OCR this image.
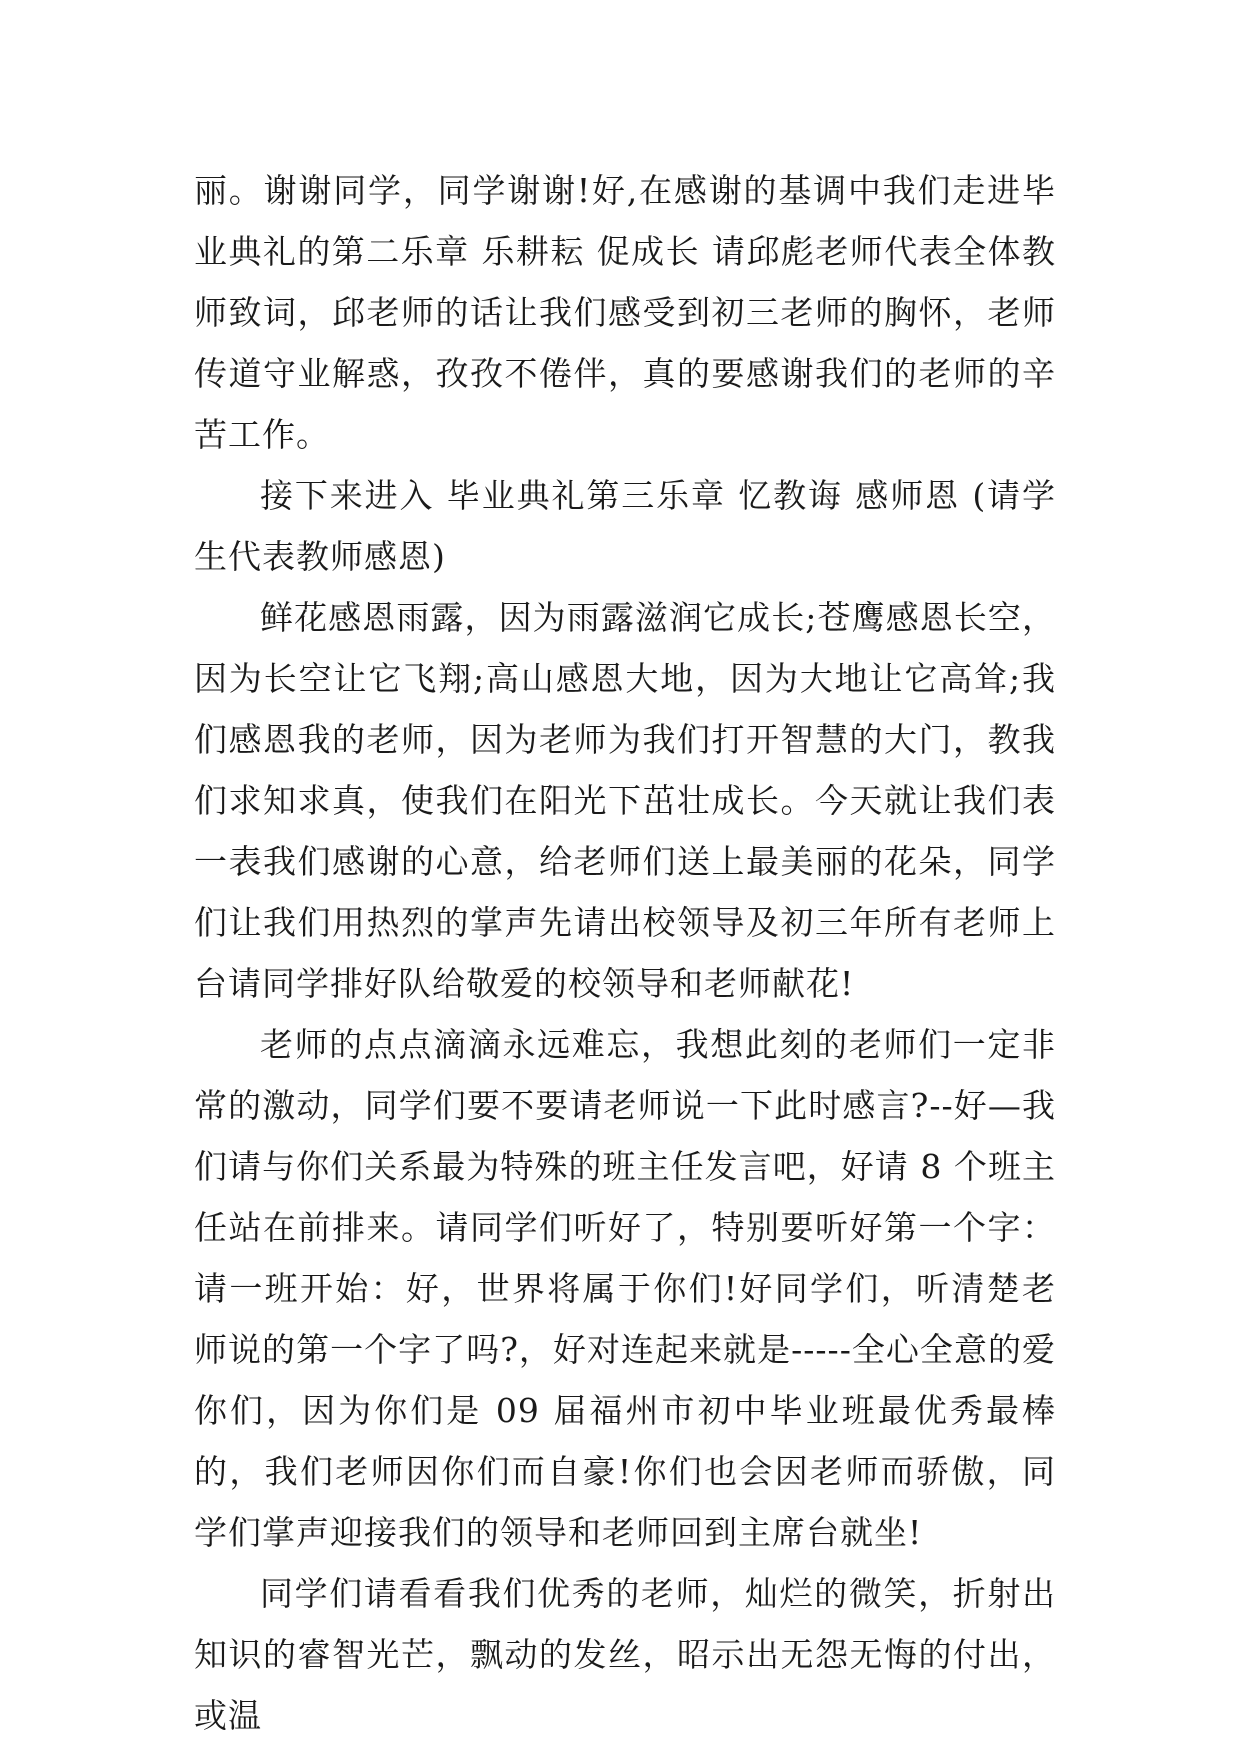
丽。谢谢同学，同学谢谢!好,在感谢的基调中我们走进毕业典礼的第二乐章 乐耕耘 促成长 请邱彪老师代表全体教师致词，邱老师的话让我们感受到初三老师的胸怀，老师传道守业解惑，孜孜不倦伴，真的要感谢我们的老师的辛苦工作。

接下来进入 毕业典礼第三乐章 忆教诲 感师恩 (请学生代表教师感恩)

鲜花感恩雨露，因为雨露滋润它成长;苍鹰感恩长空，因为长空让它飞翔;高山感恩大地，因为大地让它高耸;我们感恩我的老师，因为老师为我们打开智慧的大门，教我们求知求真，使我们在阳光下茁壮成长。今天就让我们表一表我们感谢的心意，给老师们送上最美丽的花朵，同学们让我们用热烈的掌声先请出校领导及初三年所有老师上台请同学排好队给敬爱的校领导和老师献花!

老师的点点滴滴永远难忘，我想此刻的老师们一定非常的激动，同学们要不要请老师说一下此时感言?--好—我们请与你们关系最为特殊的班主任发言吧，好请 8 个班主任站在前排来。请同学们听好了，特别要听好第一个字：请一班开始：好，世界将属于你们!好同学们，听清楚老师说的第一个字了吗?，好对连起来就是-----全心全意的爱你们，因为你们是 09 届福州市初中毕业班最优秀最棒的，我们老师因你们而自豪!你们也会因老师而骄傲，同学们掌声迎接我们的领导和老师回到主席台就坐!

同学们请看看我们优秀的老师，灿烂的微笑，折射出知识的睿智光芒，飘动的发丝，昭示出无怨无悔的付出，或温
